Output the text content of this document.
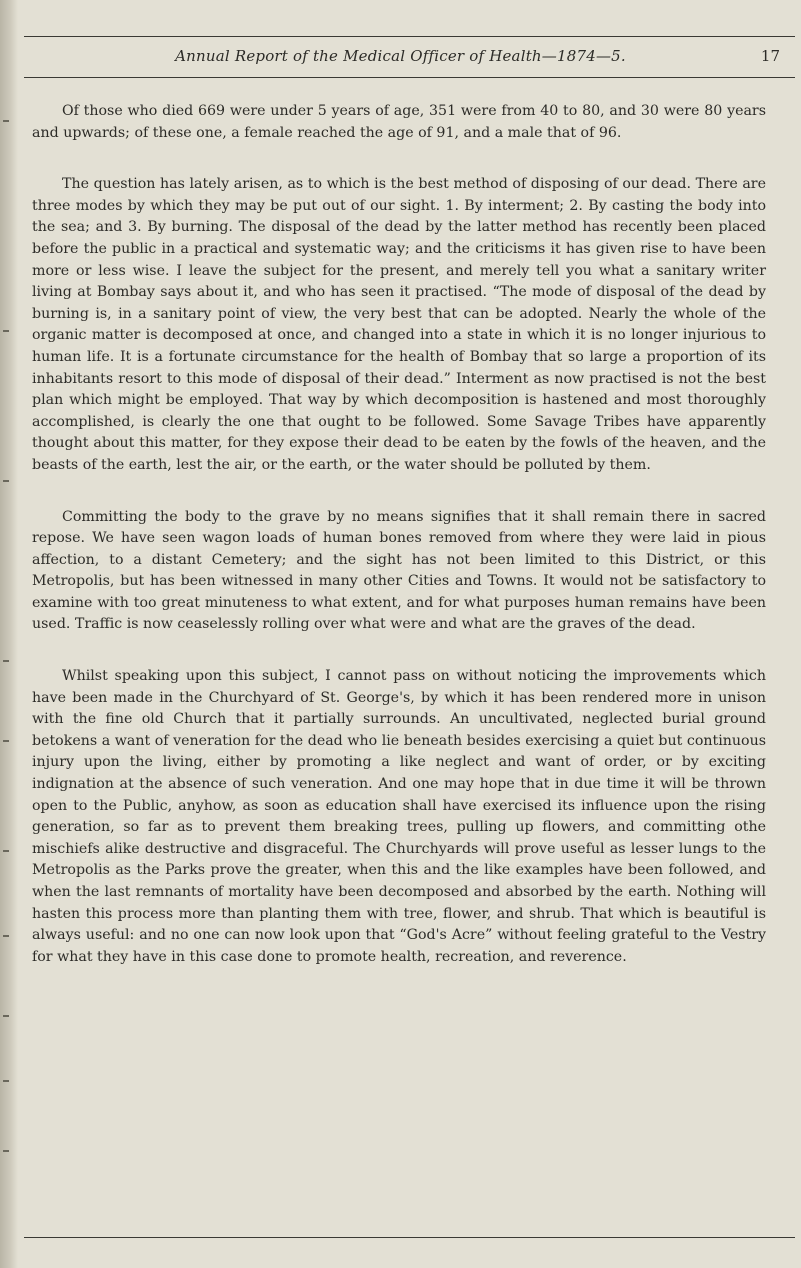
Annual Report of the Medical Officer of Health—1874—5.	17

Of those who died 669 were under 5 years of age, 351 were from 40 to 80, and 30 were 80 years and upwards; of these one, a female reached the age of 91, and a male that of 96.

The question has lately arisen, as to which is the best method of disposing of our dead. There are three modes by which they may be put out of our sight. 1. By interment; 2. By casting the body into the sea; and 3. By burning. The disposal of the dead by the latter method has recently been placed before the public in a practical and systematic way; and the criticisms it has given rise to have been more or less wise. I leave the subject for the present, and merely tell you what a sanitary writer living at Bombay says about it, and who has seen it practised. “The mode of disposal of the dead by burning is, in a sanitary point of view, the very best that can be adopted. Nearly the whole of the organic matter is decomposed at once, and changed into a state in which it is no longer injurious to human life. It is a fortunate circumstance for the health of Bombay that so large a proportion of its inhabitants resort to this mode of disposal of their dead.” Interment as now practised is not the best plan which might be employed. That way by which decomposition is hastened and most thoroughly accomplished, is clearly the one that ought to be followed. Some Savage Tribes have apparently thought about this matter, for they expose their dead to be eaten by the fowls of the heaven, and the beasts of the earth, lest the air, or the earth, or the water should be polluted by them.

Committing the body to the grave by no means signifies that it shall remain there in sacred repose. We have seen wagon loads of human bones removed from where they were laid in pious affection, to a distant Cemetery; and the sight has not been limited to this District, or this Metropolis, but has been witnessed in many other Cities and Towns. It would not be satisfactory to examine with too great minuteness to what extent, and for what purposes human remains have been used. Traffic is now ceaselessly rolling over what were and what are the graves of the dead.

Whilst speaking upon this subject, I cannot pass on without noticing the improvements which have been made in the Churchyard of St. George's, by which it has been rendered more in unison with the fine old Church that it partially surrounds. An uncultivated, neglected burial ground betokens a want of veneration for the dead who lie beneath besides exercising a quiet but continuous injury upon the living, either by promoting a like neglect and want of order, or by exciting indignation at the absence of such veneration. And one may hope that in due time it will be thrown open to the Public, anyhow, as soon as education shall have exercised its influence upon the rising generation, so far as to prevent them breaking trees, pulling up flowers, and committing othe mischiefs alike destructive and disgraceful. The Churchyards will prove useful as lesser lungs to the Metropolis as the Parks prove the greater, when this and the like examples have been followed, and when the last remnants of mortality have been decomposed and absorbed by the earth. Nothing will hasten this process more than planting them with tree, flower, and shrub. That which is beautiful is always useful: and no one can now look upon that “God's Acre” without feeling grateful to the Vestry for what they have in this case done to promote health, recreation, and reverence.
